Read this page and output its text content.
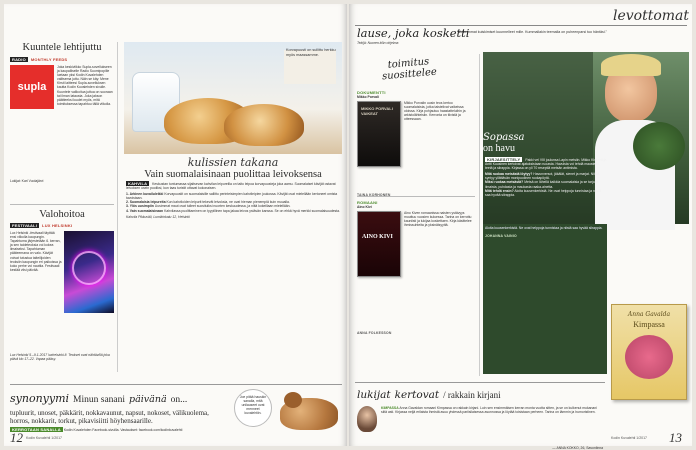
Kuuntele lehtijuttu
RADIO	MONTHLY FEEDS
supla
Joka keskiviikko Supla-sovellukseen ja kaupalliselle Radio Suomipopille luetaan yksi Kodin Kuvalehden valitsema juttu. Näin se käy: Mene Kirsti laitteesi Supla-sovelluksen kautta Kodin Kuvalehden sivulle. Kuuntele valikoitua juttua on suoraan tai ilman latausta. Joka jakson päätteeksi kuulet myös, mitä toimituksessa tapahtuu tällä viikolla.
Lukijat: Kari Vuolajärvi
Valohoitoa
FESTIVAALI	LUX HELSINKI
Lux Helsinki -festivaali täyttää ensi viikolla kaupungin. Tapahtuma järjestetään 6. kerran, ja sen taideteoksia voi kokea ilmaiseksi. Tapahtuman pääteemana on valo. Kävijät voivat tutustua taiteilijoiden teoksiin kaupungin eri paikoissa ja koko perhe voi nauttia. Festivaali kestää viisi päivää.
Lux Helsinki 5.–9.1.2017 luxhelsinki.fi. Teokset ovat nähtävillä joka päivä klo 17–22. Vapaa pääsy.
Korvapuusti on sullittu herkku myös maassamme.
kulissien takana
Vain suomalaisinaan puolittaa leivoksensa
KAHVILA Keskustan tuntumassa sijaitsevan kahvilan leipureilla on taito leipoa korvapuusteja joka aamu. Suomalaiset kävijät ostavat leivoksen usein puoliksi, kun taas turistit ottavat kokonaisen.
1. Arkinen kuvailuleikki Korvapuustit on suomalaisille sallittu perinteisimpien kahvileipien joukossa. Kävijät ovat mielellään kertoneet omista tavoistaan.
2. Suomalaisia leipureita Kun kahviloiden leipurit tekevät leivoksia, ne ovat hieman pienempiä kuin muualla.
3. Ylös uusimpiin Uusimmat maut ovat tulleet suosituiksi nuorten keskuudessa, ja niitä kokeillaan mielellään.
4. Vain suomalaisinaan Kahvilassa puolittaminen on tyypillinen tapa jakaa leivos ystävän kanssa. Se on ehkä hyvä merkki suomalaisuudesta.
Kahvila Pikkuväli, Lumikinkatu 12, Helsinki
synonyymi Minun sanani päivänä on...
tupluurit, unoset, päkkärit, nokkavaunut, napsut, nokoset, välikuolema, horros, nokkarit, torkut, pikavisiitti höyhensaarille.
KERROTAAN SANALLA Kodin Kuvalehden Facebook-sivuilla. Vastaukset: facebook.com/kodinkuvalehti
Joe pitää hauskin sanalla, mitä unilauseet ovat menneet kuvalehtiin.
12 Kodin Kuvalehti 1/2017
levottomat
lause, joka kosketti
"Vaikeimmat kuiskimiset kuunnelleet mille. Kummallakin teemalla on puheenparsi tuo häntäsi."
Tekijä: Nuoren kilin ohjelma
toimitus suosittelee
DOKUMENTTI
Mikko Porvali
MIKKO PORVALI VAIKEAT
Mikko Porvalin uusin teos kertoo suomalaisista, jotka taistelivat vaikeissa oloissa. Kirja pohjautuu haastatteluihin ja arkistolähteisiin. Kerronta on tiivistä ja otteessaan.
TAINA KORHONEN
ROMAANI
Aino Kivi
AINO KIVI
Aino Kiven romaanissa naisten ystävyys muuttuu vuosien kuluessa. Tarina on kerrottu kauniisti ja lukijaa koskettaen. Kirja käsittelee ihmissuhteita ja yksinäisyyttä.
ANNA FOLKESSON
Sopassa
on havu
KIRJAESITTELY Pakki vei VIII joulunsa Lapin metsiin. Mikko Kivilahti ja Antti Kuusinen kertoivat ajatuksistaan ruoasta. Havuista voi tehdä mausteita, teetä ja siirappia. Kirjassa on yli 70 reseptiä metsän antimista.
Mitä ruokaa metsästä löytyy? Havunversot, jäkälät, sienet ja marjat. Niistä syntyy yllättävän monipuolinen ruokapöytä.
Miksi ruokaa metsästä? Metsä on lähellä kaikkia suomalaisia ja se tarjoaa ilmaista, puhdasta ja maukasta raaka-ainetta.
Mitä tehdä ensin? Aloita kuusenkerkistä. Ne ovat helppoja tunnistaa ja niistä saa hyvää siirappia.
Aloita kuusenkerkistä. Ne ovat helppoja tunnistaa ja niistä saa hyvää siirappia.
JOHANNA VAINIO
Anna Gavalda
Kimpassa
lukijat kertovat / rakkain kirjani
KIMPASSA Anna Gavaldan romaani Kimpassa on rakkain kirjani. Luin sen ensimmäisen kerran monta vuotta sitten, ja se on kulkenut mukanani siitä asti. Kirjassa neljä erilaista ihmistä asuu yhdessä pariisilaisessa asunnossa ja löytää toisistaan perheen. Tarina on lämmin ja humoristinen.
— ANNA KOKKO, 26, Savonlinna
Kodin Kuvalehti 1/2017 13
